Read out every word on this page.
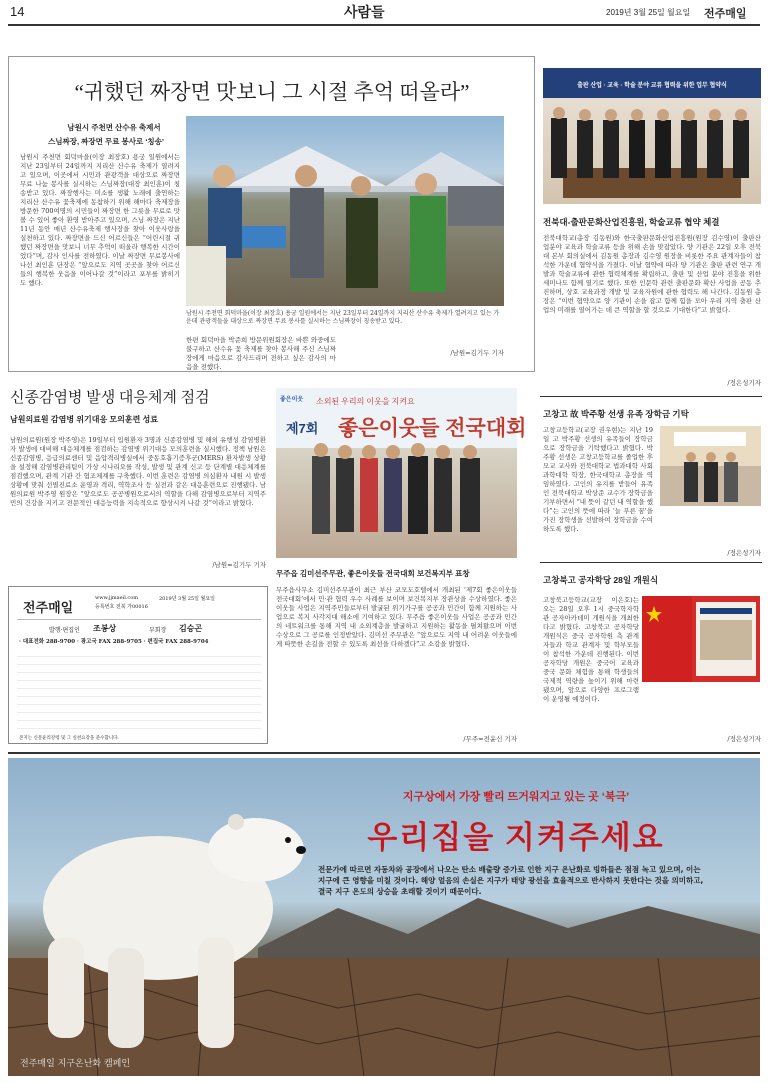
14	사람들	2019년 3월 25일 월요일 전주매일
“귀했던 짜장면 맛보니 그 시절 추억 떠올라”
남원시 주천면 산수유 축제서
스님짜장, 짜장면 무료 봉사로 ‘칭송’
남원시 주천면 회덕마을(이장 최장호) 용궁 일원에서는 지난 23일부터 24일까지 지리산 산수유 축제가 열려지고 있으며, 이곳에서 시민과 관광객을 대상으로 짜장면 무료 나눔 봉사를 실시하는 스님짜장(대장 최인훈)이 칭송받고 있다. 짜장행사는 미소를 생활 노래에 출연하는 지리산 산수유 꽃축제에 동참하기 위해 해마다 축제장을 방문한 700여명의 시민들이 짜장면 한 그릇을 무료로 맛볼 수 있어 좋아 환영 받아주고 있으며, 스님 짜장은 지난 11년 동안 매년 산수유축제 행사장을 찾아 이웃사랑을 실천하고 있다. 짜장면을 드신 어르신들은 “어린시절 귀했던 짜장면을 맛보니 너무 추억이 떠올라 행복한 시간이었다”며, 감사 인사를 전하였다. 이날 짜장면 무료봉사에 나선 최인훈 단장은 “앞으로도 지역 곳곳을 찾아 어르신들의 행복한 웃음을 이어나갈 것”이라고 포부를 밝히기도 했다.
남원시 주천면 회덕마을(이장 최장호) 용궁 일원에서는 지난 23일부터 24일까지 지리산 산수유 축제가 열려지고 있는 가운데 관광객들을 대상으로 짜장면 무료 봉사를 실시하는 스님짜장이 칭송받고 있다.
한편 회덕마을 박준희 방문위원회장은 바쁜 와중에도 불구하고 산수유 꽃 축제를 찾아 봉사해 주신 스님짜장에게 마음으로 감사드리며 전하고 싶은 감사의 마음을 전했다.
/남원=김기두 기자
출판 산업 · 교육 · 학술 분야 교류 협력을 위한 업무 협약식
전북대-출판문화산업진흥원, 학술교류 협약 체결
전북대학교(총장 김동원)와 한국출판문화산업진흥원(원장 김수영)이 출판산업분야 교육과 학술교류 등을 위해 손을 맞잡았다. 양 기관은 22일 오후 전북대 본부 회의실에서 김동원 총장과 김수영 원장을 비롯한 주요 관계자들이 참석한 가운데 협약식을 가졌다. 이날 협약에 따라 양 기관은 출판 관련 연구 개발과 학술교류에 관한 협력체계를 확립하고, 출판 및 산업 분야 진흥을 위한 세미나도 함께 열기로 했다. 또한 인문학 관련 출판문화 확산 사업을 공동 추진하며, 상호 교육과정 개발 및 교육자원에 관한 협력도 해 나간다. 김동원 총장은 “이번 협약으로 양 기관이 손을 잡고 함께 힘을 모아 우리 지역 출판 산업의 미래를 열어가는 데 큰 역할을 할 것으로 기대한다”고 밝혔다.
/정은성기자
신종감염병 발생 대응체계 점검
남원의료원 감염병 위기대응 모의훈련 성료
남원의료원(원장 박주영)은 19일부터 입원환자 3명과 신종감염병 및 해외 유행성 감염병환자 발생에 대비해 대응체계를 점검하는 감염병 위기대응 모의훈련을 실시했다. 정책 남원은 신종감염병, 응급의료센터 및 음압격리병실에서 중동호흡기증후군(MERS) 환자발생 상황을 설정해 감염병관리팀이 가상 시나리오를 작성, 발생 및 관계 신고 등 단계별 대응체계를 점검했으며, 관계 기관 간 협조체계를 구축했다. 이번 훈련은 감염병 의심환자 내원 시 발생 상황에 맞춰 선별진료소 운영과 격리, 역학조사 등 실전과 같은 대응훈련으로 진행됐다. 남원의료원 박주영 원장은 “앞으로도 공공병원으로서의 역할을 다해 감염병으로부터 지역주민의 건강을 지키고 전문적인 대응능력을 지속적으로 향상시켜 나갈 것”이라고 밝혔다.
/남원=김기두 기자
전주매일
www.jjmaeil.com
등록번호 전북 가00016
2019년 3월 25일 월요일
발행·편집인 조봉상	부회장 김승곤
· 대표전화 288-9700 · 광고국 FAX 288-9705 · 편집국 FAX 288-9704
본지는 신문윤리강령 및 그 실천요강을 준수합니다.
소외된 우리의 이웃을 지켜요
좋은이웃
제7회 좋은이웃들 전국대회
무주읍 김미선주무관, 좋은이웃들 전국대회 보건복지부 표창
무주읍사무소 김미선주무관이 최근 부산 코모도호텔에서 개최된 ‘제7회 좋은이웃들 전국대회’에서 민·관 협력 우수 사례를 보이며 보건복지부 장관상을 수상하였다. 좋은이웃들 사업은 지역주민들로부터 발굴된 위기가구를 공공과 민간이 함께 지원하는 사업으로 복지 사각지대 해소에 기여하고 있다. 무주읍 좋은이웃들 사업은 공공과 민간의 네트워크를 통해 지역 내 소외계층을 발굴하고 지원하는 활동을 펼쳐왔으며 이번 수상으로 그 공로를 인정받았다. 김미선 주무관은 “앞으로도 지역 내 어려운 이웃들에게 따뜻한 손길을 전할 수 있도록 최선을 다하겠다”고 소감을 밝혔다.
/무주=전윤신 기자
고창고 故 박주황 선생 유족 장학금 기탁
고창교등학교(교장 권우현)는 지난 19일 고 박주황 선생의 유족들이 장학금으로 장학금을 기탁했다고 밝혔다. 박주황 선생은 고창고등학교를 졸업한 후 모교 교사와 전북대학교 법과대학 사회과학대학 학장, 한국대학교 총장을 역임하였다. 고인의 유지를 받들어 유족인 전북대학교 박상준 교수가 장학금을 기부하면서 “내 뜻이 같던 내 역할을 했다”는 고인의 뜻에 따라 ‘늘 푸른 꿈’을 가진 장학생을 선발하여 장학금을 수여하도록 했다.
/정은성기자
고창북고 공자학당 28일 개원식
고창북고등학교(교장 이은호)는 오는 28일 오후 1시 중국학자학관 공자아카데미 개원식을 개최한다고 밝혔다. 고창북고 공자학당 개원식은 중국 공자학원 측 관계자들과 학교 관계자 및 학부모들이 참석한 가운데 진행된다. 이번 공자학당 개원은 중국어 교육과 중국 문화 체험을 통해 학생들의 국제적 역량을 높이기 위해 마련됐으며, 앞으로 다양한 프로그램이 운영될 예정이다.
/정은성기자
지구상에서 가장 빨리 뜨거워지고 있는 곳 ‘북극’
우리집을 지켜주세요
전문가에 따르면 자동차와 공장에서 나오는 탄소 배출량 증가로 인한 지구 온난화로 빙하들은 점점 녹고 있으며, 이는 지구에 큰 영향을 미칠 것이다. 해양 얼음의 손실은 지구가 태양 광선을 효율적으로 반사하지 못한다는 것을 의미하고, 결국 지구 온도의 상승을 초래할 것이기 때문이다.
전주매일 지구온난화 캠페인
